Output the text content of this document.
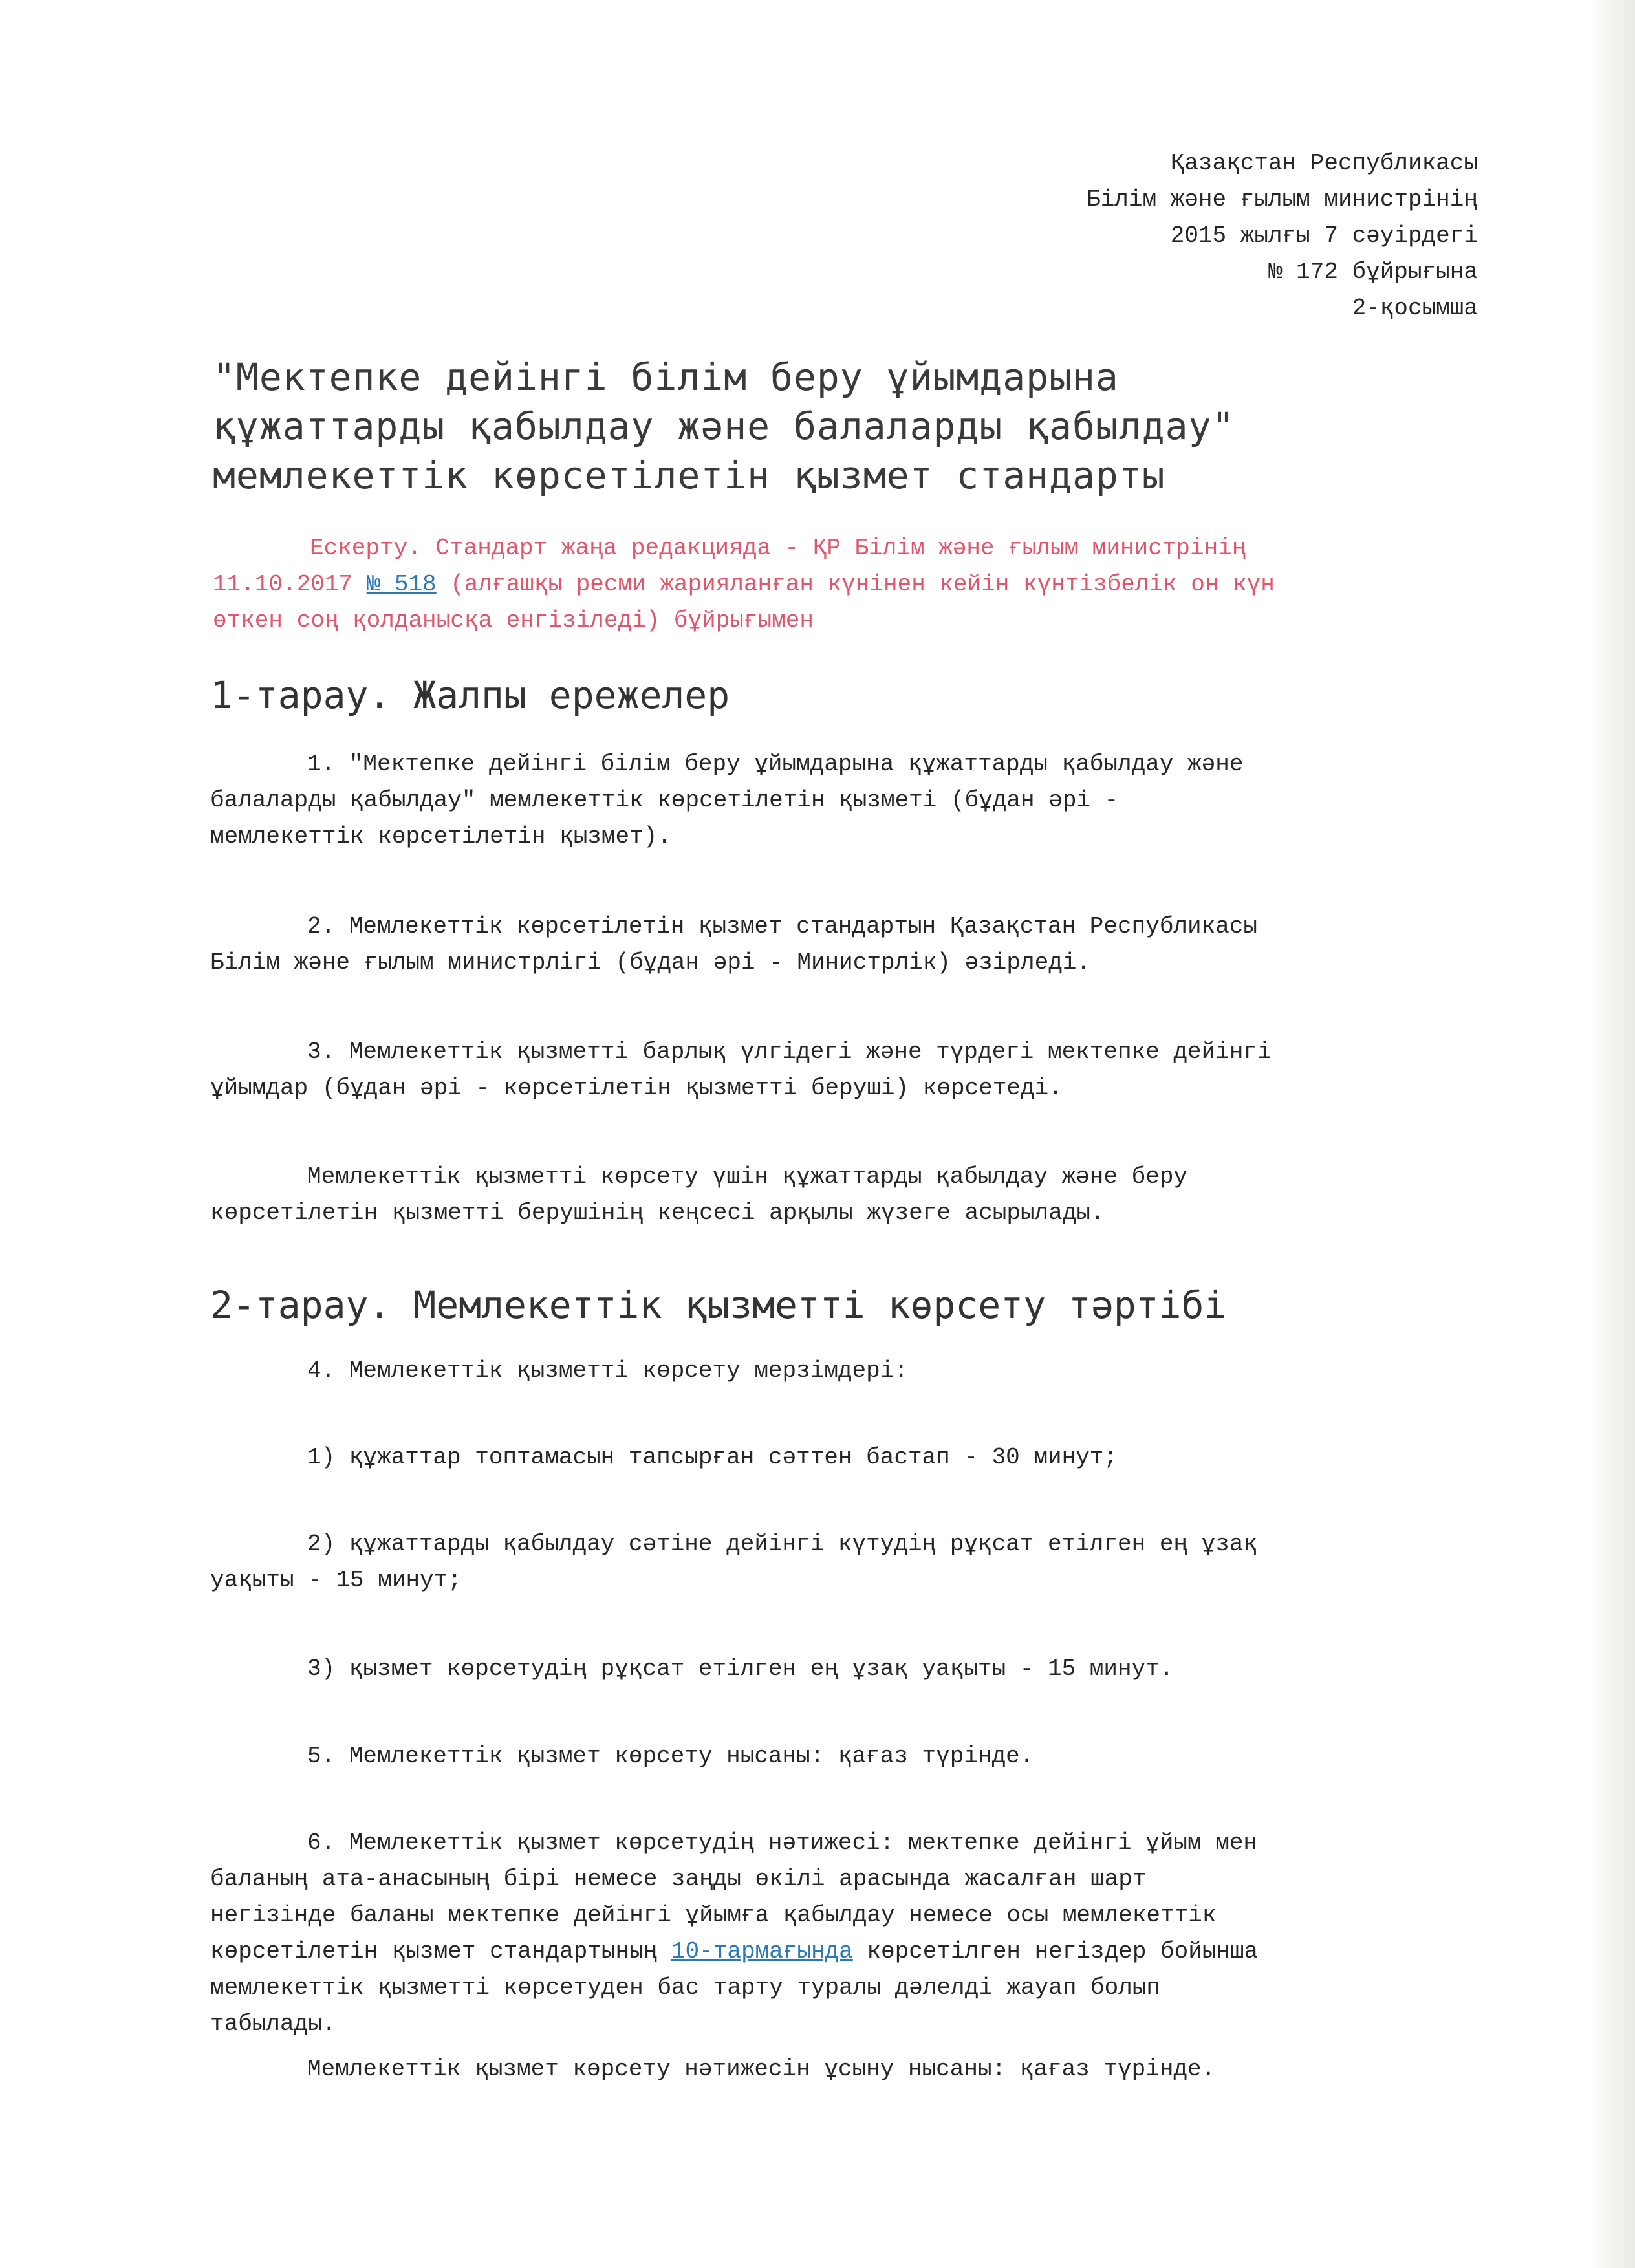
Қазақстан Республикасы
Білім және ғылым министрінің
2015 жылғы 7 сәуірдегі
№ 172 бұйрығына
2-қосымша
"Мектепке дейінгі білім беру ұйымдарына
құжаттарды қабылдау және балаларды қабылдау"
мемлекеттік көрсетілетін қызмет стандарты
Ескерту. Стандарт жаңа редакцияда - ҚР Білім және ғылым министрінің
11.10.2017 № 518 (алғашқы ресми жарияланған күнінен кейін күнтізбелік он күн
өткен соң қолданысқа енгізіледі) бұйрығымен
1-тарау. Жалпы ережелер
1. "Мектепке дейінгі білім беру ұйымдарына құжаттарды қабылдау және
балаларды қабылдау" мемлекеттік көрсетілетін қызметі (бұдан әрі -
мемлекеттік көрсетілетін қызмет).
2. Мемлекеттік көрсетілетін қызмет стандартын Қазақстан Республикасы
Білім және ғылым министрлігі (бұдан әрі - Министрлік) әзірледі.
3. Мемлекеттік қызметті барлық үлгідегі және түрдегі мектепке дейінгі
ұйымдар (бұдан әрі - көрсетілетін қызметті беруші) көрсетеді.
Мемлекеттік қызметті көрсету үшін құжаттарды қабылдау және беру
көрсетілетін қызметті берушінің кеңсесі арқылы жүзеге асырылады.
2-тарау. Мемлекеттік қызметті көрсету тәртібі
4. Мемлекеттік қызметті көрсету мерзімдері:
1) құжаттар топтамасын тапсырған сәттен бастап - 30 минут;
2) құжаттарды қабылдау сәтіне дейінгі күтудің рұқсат етілген ең ұзақ
уақыты - 15 минут;
3) қызмет көрсетудің рұқсат етілген ең ұзақ уақыты - 15 минут.
5. Мемлекеттік қызмет көрсету нысаны: қағаз түрінде.
6. Мемлекеттік қызмет көрсетудің нәтижесі: мектепке дейінгі ұйым мен
баланың ата-анасының бірі немесе заңды өкілі арасында жасалған шарт
негізінде баланы мектепке дейінгі ұйымға қабылдау немесе осы мемлекеттік
көрсетілетін қызмет стандартының 10-тармағында көрсетілген негіздер бойынша
мемлекеттік қызметті көрсетуден бас тарту туралы дәлелді жауап болып
табылады.
Мемлекеттік қызмет көрсету нәтижесін ұсыну нысаны: қағаз түрінде.
